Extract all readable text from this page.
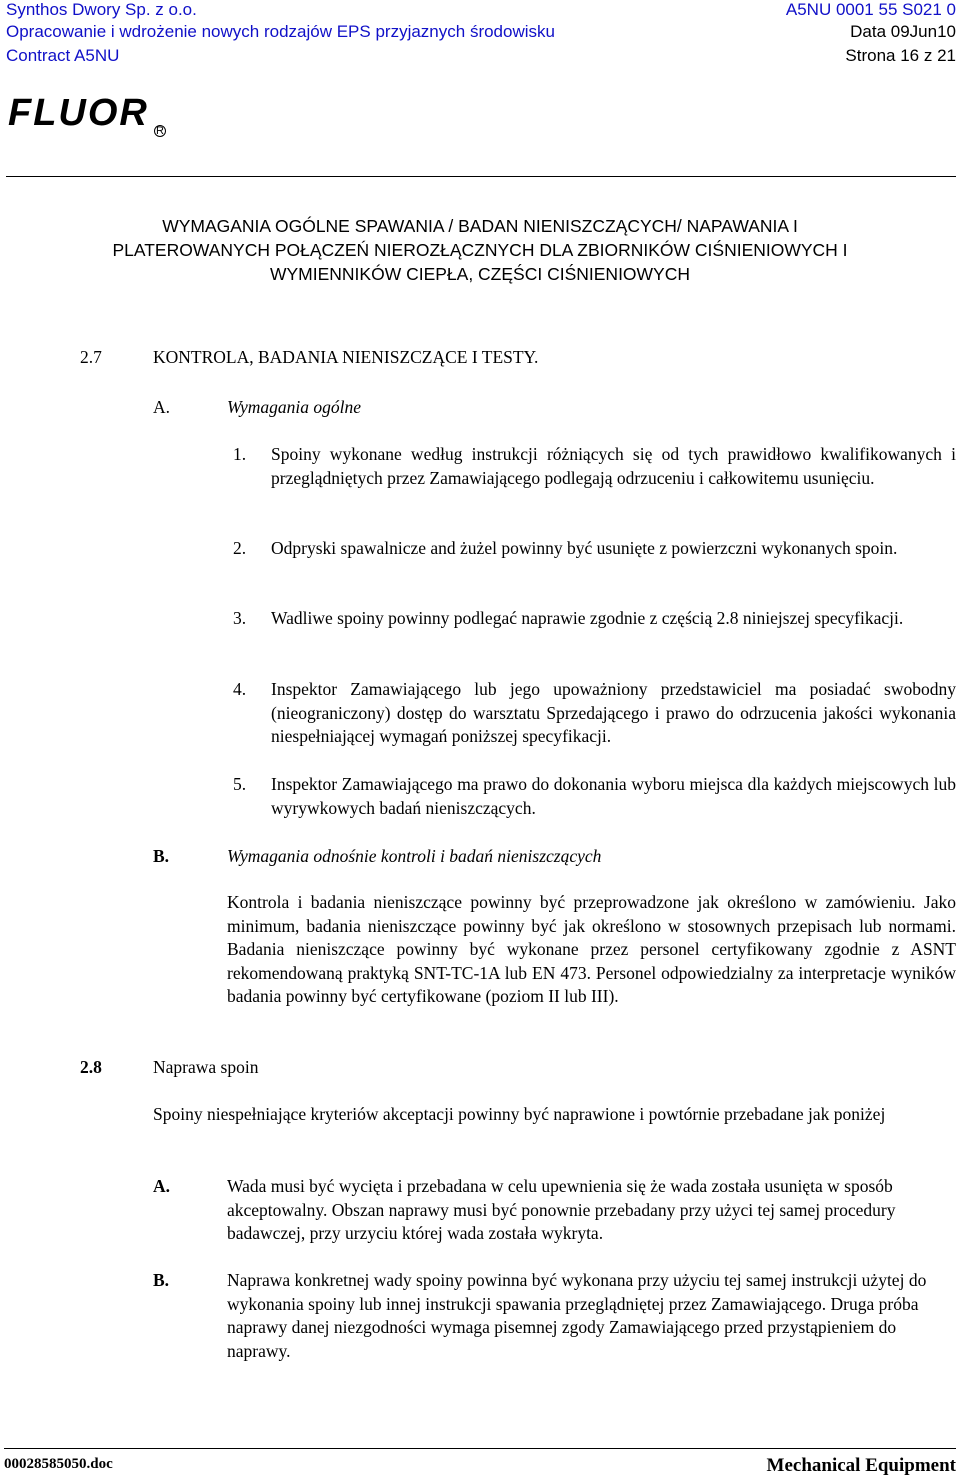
Synthos Dwory Sp. z o.o.	A5NU 0001 55 S021 0
Opracowanie i wdrożenie nowych rodzajów EPS przyjaznych środowisku	Data 09Jun10
Contract A5NU	Strona 16 z 21
FLUOR R
WYMAGANIA OGÓLNE SPAWANIA / BADAN NIENISZCZĄCYCH/ NAPAWANIA I
PLATEROWANYCH POŁĄCZEŃ NIEROZŁĄCZNYCH DLA ZBIORNIKÓW CIŚNIENIOWYCH I
WYMIENNIKÓW CIEPŁA, CZĘŚCI CIŚNIENIOWYCH
2.7	KONTROLA, BADANIA NIENISZCZĄCE I TESTY.
A.	Wymagania ogólne
1. Spoiny wykonane według instrukcji różniących się od tych prawidłowo kwalifikowanych i przeglądniętych przez Zamawiającego podlegają odrzuceniu i całkowitemu usunięciu.
2. Odpryski spawalnicze and żużel powinny być usunięte z powierzczni wykonanych spoin.
3. Wadliwe spoiny powinny podlegać naprawie zgodnie z częścią 2.8 niniejszej specyfikacji.
4. Inspektor Zamawiającego lub jego upoważniony przedstawiciel ma posiadać swobodny (nieograniczony) dostęp do warsztatu Sprzedającego i prawo do odrzucenia jakości wykonania niespełniającej wymagań poniższej specyfikacji.
5. Inspektor Zamawiającego ma prawo do dokonania wyboru miejsca dla każdych miejscowych lub wyrywkowych badań nieniszczących.
B.	Wymagania odnośnie kontroli i badań nieniszczących
Kontrola i badania nieniszczące powinny być przeprowadzone jak określono w zamówieniu. Jako minimum, badania nieniszczące powinny być jak określono w stosownych przepisach lub normami. Badania nieniszczące powinny być wykonane przez personel certyfikowany zgodnie z ASNT rekomendowaną praktyką SNT-TC-1A lub EN 473. Personel odpowiedzialny za interpretacje wyników badania powinny być certyfikowane (poziom II lub III).
2.8	Naprawa spoin
Spoiny niespełniające kryteriów akceptacji powinny być naprawione i powtórnie przebadane jak poniżej
A.	Wada musi być wycięta i przebadana w celu upewnienia się że wada została usunięta w sposób akceptowalny. Obszan naprawy musi być ponownie przebadany przy użyci tej samej procedury badawczej, przy urzyciu której wada została wykryta.
B.	Naprawa konkretnej wady spoiny powinna być wykonana przy użyciu tej samej instrukcji użytej do wykonania spoiny lub innej instrukcji spawania przeglądniętej przez Zamawiającego. Druga próba naprawy danej niezgodności wymaga pisemnej zgody Zamawiającego przed przystąpieniem do naprawy.
00028585050.doc	Mechanical Equipment
